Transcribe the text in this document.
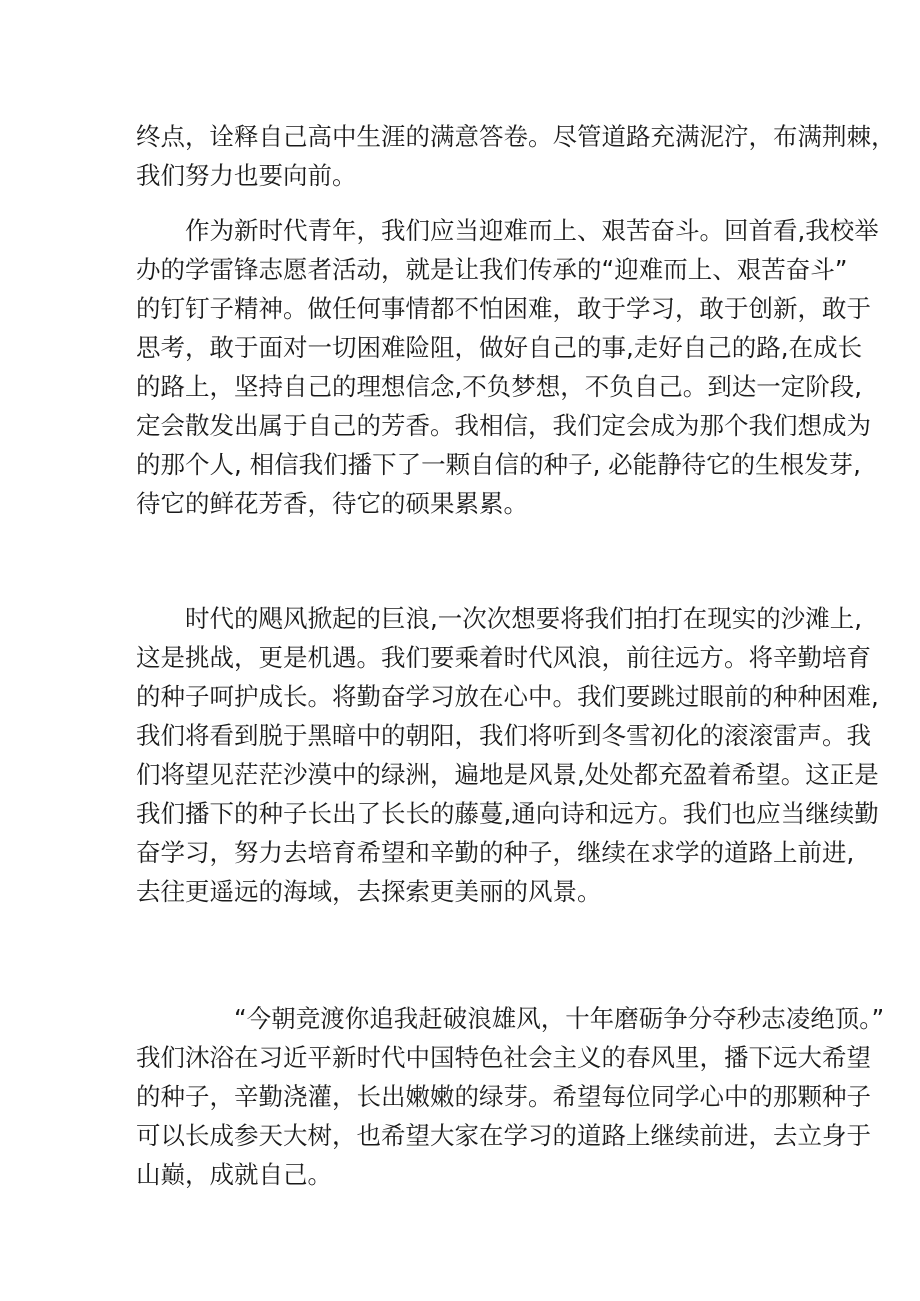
终点，诠释自己高中生涯的满意答卷。尽管道路充满泥泞，布满荆棘，
我们努力也要向前。
作为新时代青年，我们应当迎难而上、艰苦奋斗。回首看,我校举
办的学雷锋志愿者活动，就是让我们传承的“迎难而上、艰苦奋斗”
的钉钉子精神。做任何事情都不怕困难，敢于学习，敢于创新，敢于
思考，敢于面对一切困难险阻，做好自己的事,走好自己的路,在成长
的路上，坚持自己的理想信念,不负梦想，不负自己。到达一定阶段,
定会散发出属于自己的芳香。我相信，我们定会成为那个我们想成为
的那个人, 相信我们播下了一颗自信的种子, 必能静待它的生根发芽,
待它的鲜花芳香，待它的硕果累累。
时代的飓风掀起的巨浪,一次次想要将我们拍打在现实的沙滩上,
这是挑战，更是机遇。我们要乘着时代风浪，前往远方。将辛勤培育
的种子呵护成长。将勤奋学习放在心中。我们要跳过眼前的种种困难,
我们将看到脱于黑暗中的朝阳，我们将听到冬雪初化的滚滚雷声。我
们将望见茫茫沙漠中的绿洲，遍地是风景,处处都充盈着希望。这正是
我们播下的种子长出了长长的藤蔓,通向诗和远方。我们也应当继续勤
奋学习，努力去培育希望和辛勤的种子，继续在求学的道路上前进,
去往更遥远的海域，去探索更美丽的风景。
“今朝竞渡你追我赶破浪雄风，十年磨砺争分夺秒志凌绝顶。”
我们沐浴在习近平新时代中国特色社会主义的春风里，播下远大希望
的种子，辛勤浇灌，长出嫩嫩的绿芽。希望每位同学心中的那颗种子
可以长成参天大树，也希望大家在学习的道路上继续前进，去立身于
山巅，成就自己。
